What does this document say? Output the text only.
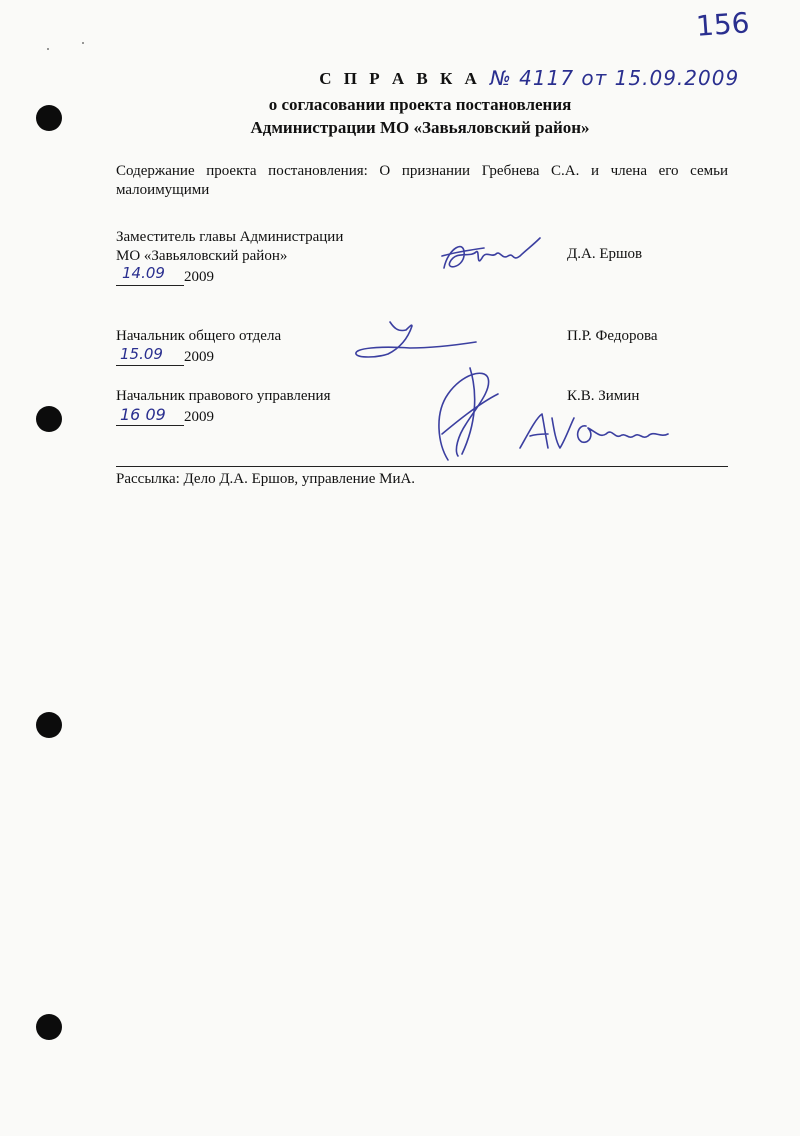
156
С П Р А В К А № 4117 от 15.09.2009
о согласовании проекта постановления
Администрации МО «Завьяловский район»
Содержание проекта постановления: О признании Гребнева С.А. и члена его семьи малоимущими
Заместитель главы Администрации
МО «Завьяловский район»
14.09 2009
Д.А. Ершов
Начальник общего отдела
15.09 2009
П.Р. Федорова
Начальник правового управления
16 09 2009
К.В. Зимин
Рассылка: Дело Д.А. Ершов, управление МиА.
